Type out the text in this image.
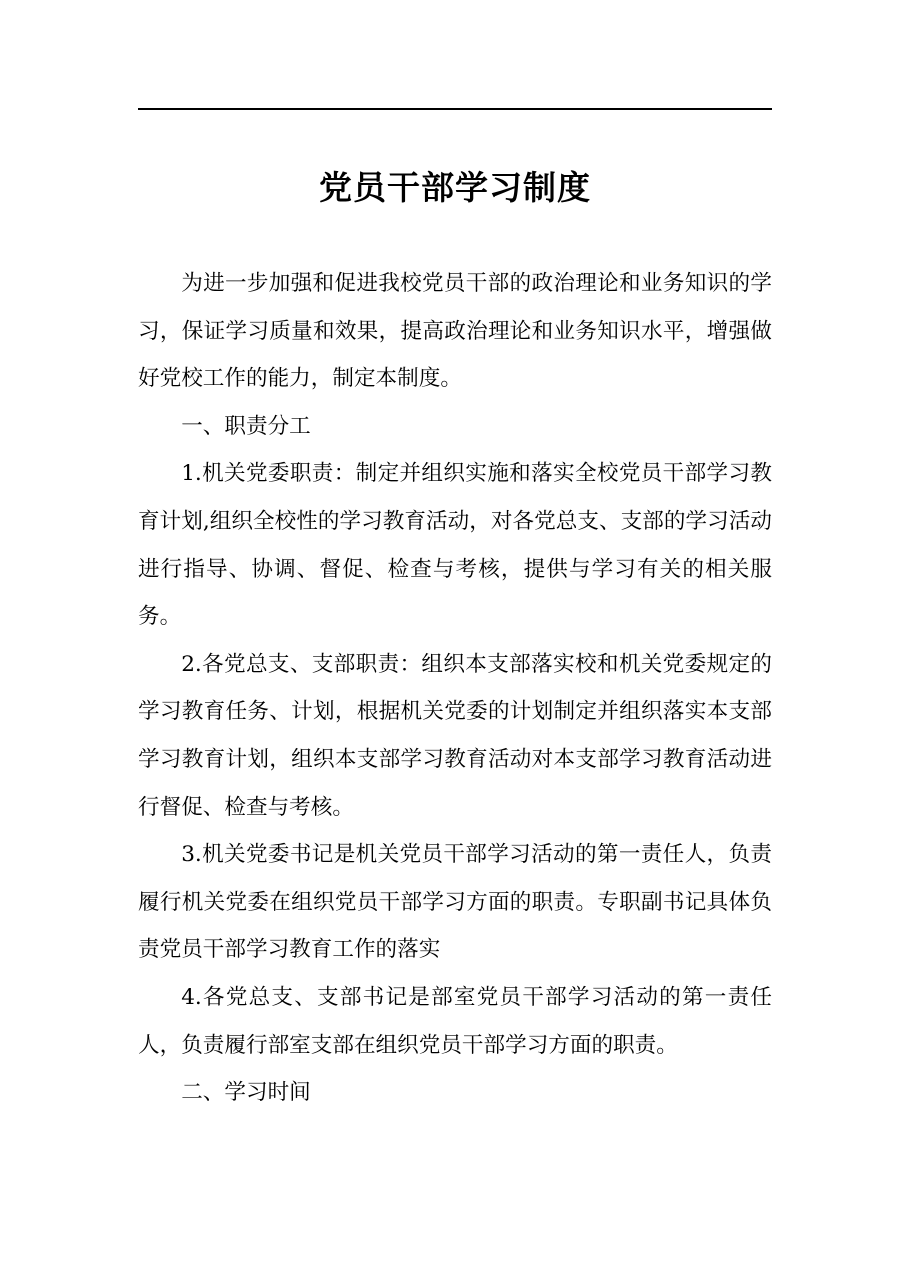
党员干部学习制度

为进一步加强和促进我校党员干部的政治理论和业务知识的学习，保证学习质量和效果，提高政治理论和业务知识水平，增强做好党校工作的能力，制定本制度。

一、职责分工

1.机关党委职责：制定并组织实施和落实全校党员干部学习教育计划,组织全校性的学习教育活动，对各党总支、支部的学习活动进行指导、协调、督促、检查与考核，提供与学习有关的相关服务。

2.各党总支、支部职责：组织本支部落实校和机关党委规定的学习教育任务、计划，根据机关党委的计划制定并组织落实本支部学习教育计划，组织本支部学习教育活动对本支部学习教育活动进行督促、检查与考核。

3.机关党委书记是机关党员干部学习活动的第一责任人，负责履行机关党委在组织党员干部学习方面的职责。专职副书记具体负责党员干部学习教育工作的落实

4.各党总支、支部书记是部室党员干部学习活动的第一责任人，负责履行部室支部在组织党员干部学习方面的职责。

二、学习时间
